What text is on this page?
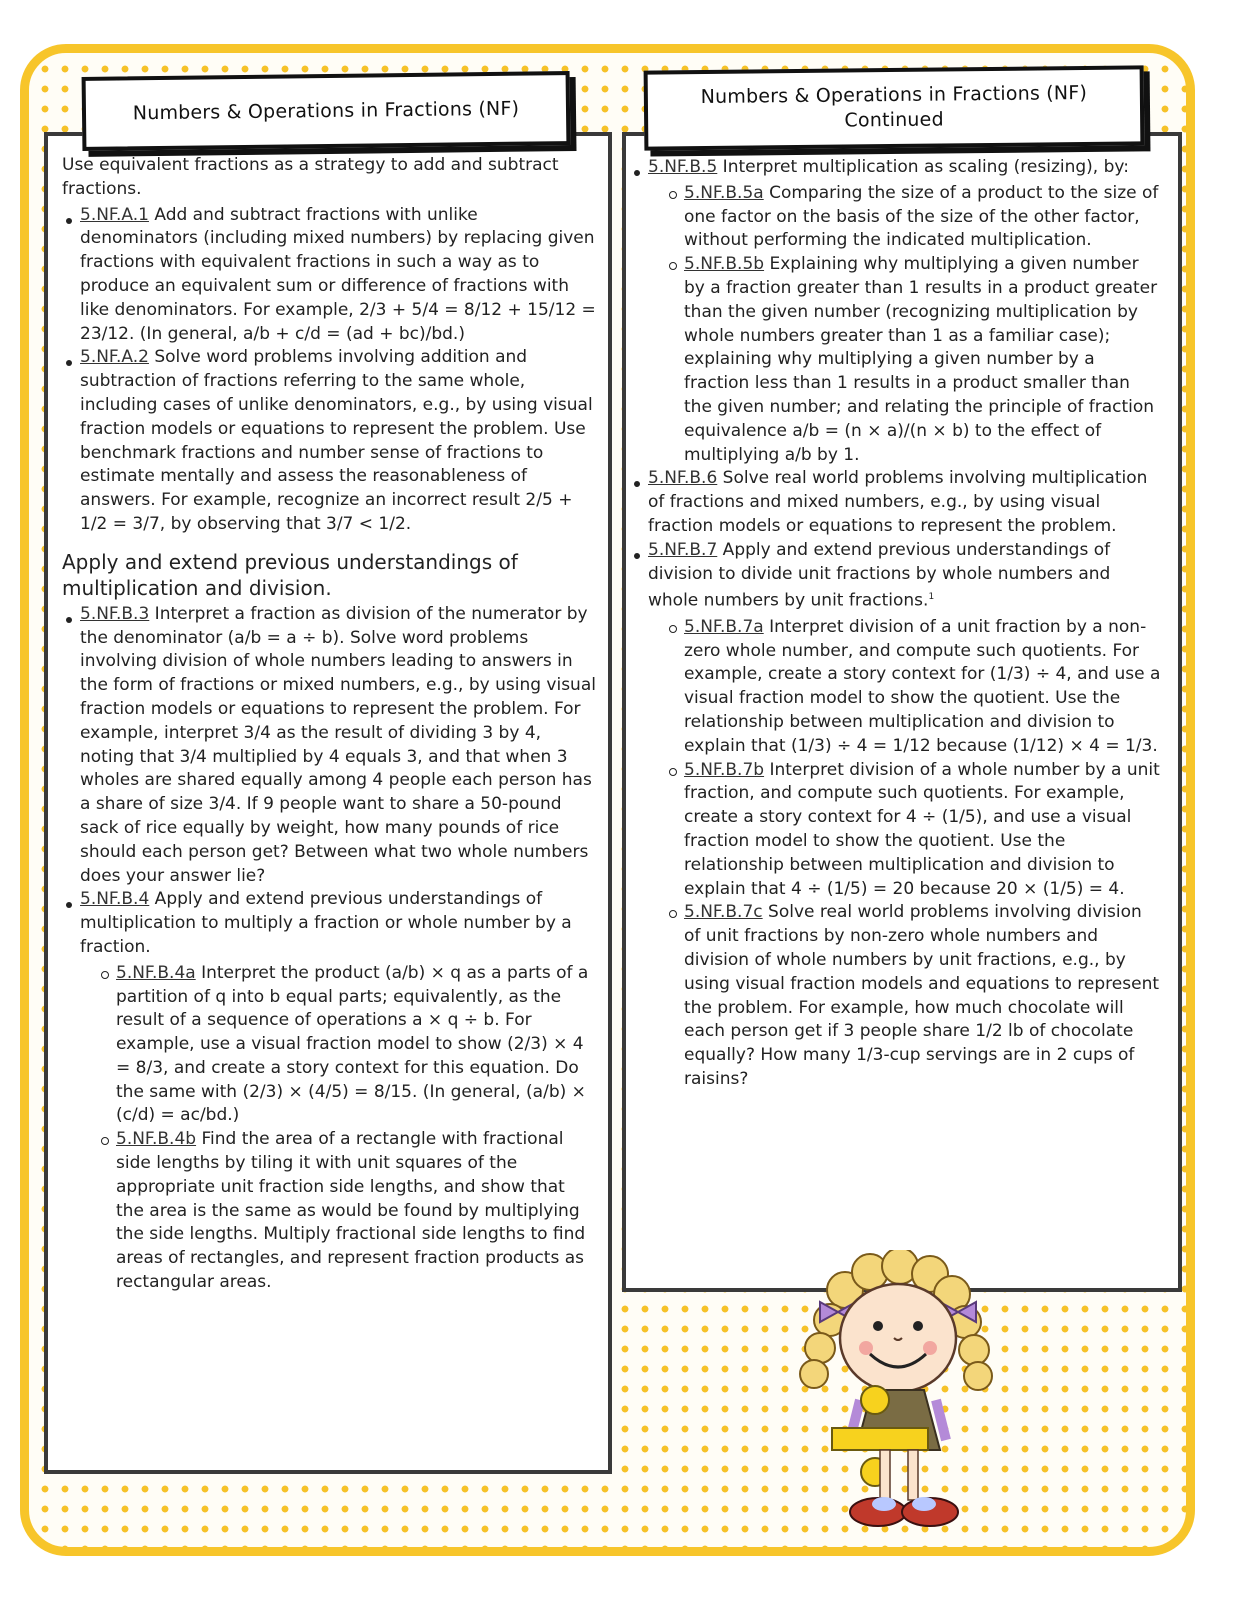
Numbers & Operations in Fractions (NF)

Use equivalent fractions as a strategy to add and subtract fractions.

5.NF.A.1 Add and subtract fractions with unlike denominators (including mixed numbers) by replacing given fractions with equivalent fractions in such a way as to produce an equivalent sum or difference of fractions with like denominators. For example, 2/3 + 5/4 = 8/12 + 15/12 = 23/12. (In general, a/b + c/d = (ad + bc)/bd.)
5.NF.A.2 Solve word problems involving addition and subtraction of fractions referring to the same whole, including cases of unlike denominators, e.g., by using visual fraction models or equations to represent the problem. Use benchmark fractions and number sense of fractions to estimate mentally and assess the reasonableness of answers. For example, recognize an incorrect result 2/5 + 1/2 = 3/7, by observing that 3/7 < 1/2.

Apply and extend previous understandings of multiplication and division.

5.NF.B.3 Interpret a fraction as division of the numerator by the denominator (a/b = a ÷ b). Solve word problems involving division of whole numbers leading to answers in the form of fractions or mixed numbers, e.g., by using visual fraction models or equations to represent the problem. For example, interpret 3/4 as the result of dividing 3 by 4, noting that 3/4 multiplied by 4 equals 3, and that when 3 wholes are shared equally among 4 people each person has a share of size 3/4. If 9 people want to share a 50-pound sack of rice equally by weight, how many pounds of rice should each person get? Between what two whole numbers does your answer lie?
5.NF.B.4 Apply and extend previous understandings of multiplication to multiply a fraction or whole number by a fraction.
5.NF.B.4a Interpret the product (a/b) × q as a parts of a partition of q into b equal parts; equivalently, as the result of a sequence of operations a × q ÷ b. For example, use a visual fraction model to show (2/3) × 4 = 8/3, and create a story context for this equation. Do the same with (2/3) × (4/5) = 8/15. (In general, (a/b) × (c/d) = ac/bd.)
5.NF.B.4b Find the area of a rectangle with fractional side lengths by tiling it with unit squares of the appropriate unit fraction side lengths, and show that the area is the same as would be found by multiplying the side lengths. Multiply fractional side lengths to find areas of rectangles, and represent fraction products as rectangular areas.
Numbers & Operations in Fractions (NF)
Continued
5.NF.B.5 Interpret multiplication as scaling (resizing), by:
5.NF.B.5a Comparing the size of a product to the size of one factor on the basis of the size of the other factor, without performing the indicated multiplication.
5.NF.B.5b Explaining why multiplying a given number by a fraction greater than 1 results in a product greater than the given number (recognizing multiplication by whole numbers greater than 1 as a familiar case); explaining why multiplying a given number by a fraction less than 1 results in a product smaller than the given number; and relating the principle of fraction equivalence a/b = (n × a)/(n × b) to the effect of multiplying a/b by 1.
5.NF.B.6 Solve real world problems involving multiplication of fractions and mixed numbers, e.g., by using visual fraction models or equations to represent the problem.
5.NF.B.7 Apply and extend previous understandings of division to divide unit fractions by whole numbers and whole numbers by unit fractions.$^1$
5.NF.B.7a Interpret division of a unit fraction by a non-zero whole number, and compute such quotients. For example, create a story context for (1/3) ÷ 4, and use a visual fraction model to show the quotient. Use the relationship between multiplication and division to explain that (1/3) ÷ 4 = 1/12 because (1/12) × 4 = 1/3.
5.NF.B.7b Interpret division of a whole number by a unit fraction, and compute such quotients. For example, create a story context for 4 ÷ (1/5), and use a visual fraction model to show the quotient. Use the relationship between multiplication and division to explain that 4 ÷ (1/5) = 20 because 20 × (1/5) = 4.
5.NF.B.7c Solve real world problems involving division of unit fractions by non-zero whole numbers and division of whole numbers by unit fractions, e.g., by using visual fraction models and equations to represent the problem. For example, how much chocolate will each person get if 3 people share 1/2 lb of chocolate equally? How many 1/3-cup servings are in 2 cups of raisins?
